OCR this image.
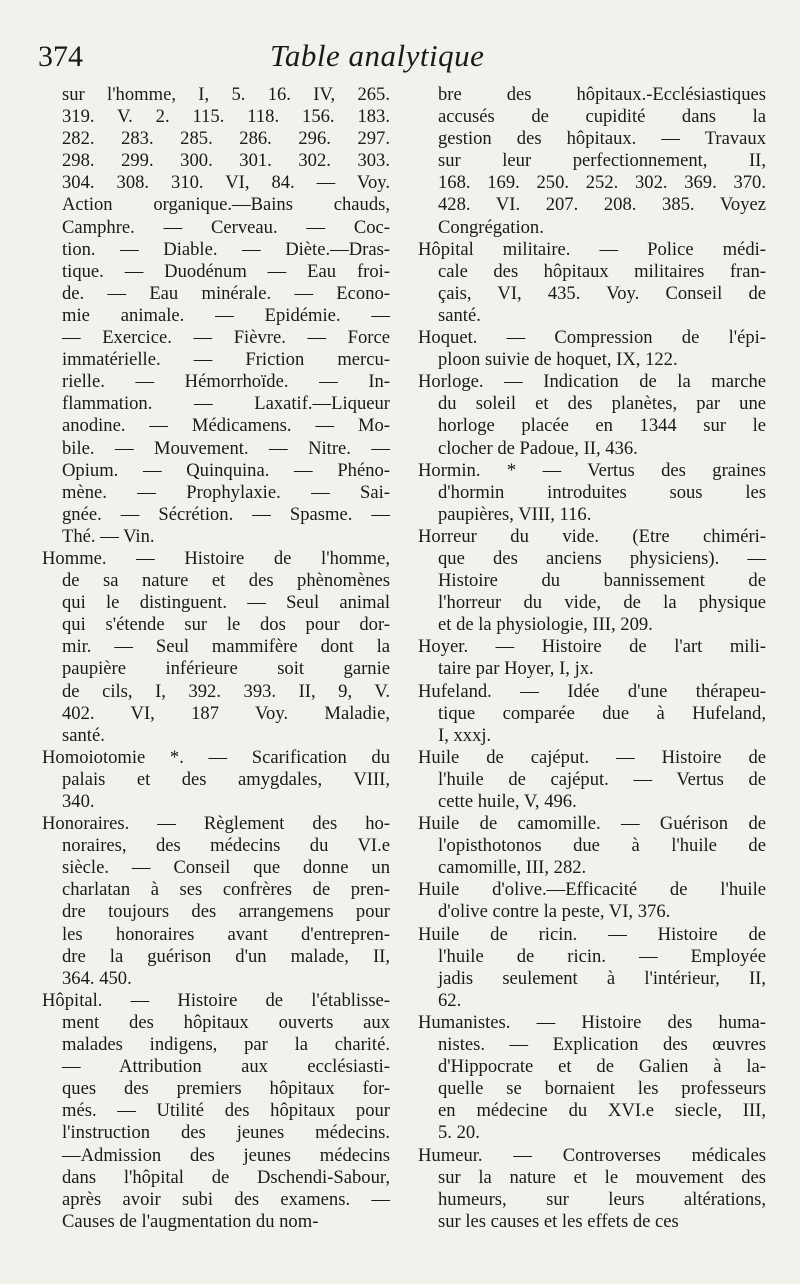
374	Table analytique
sur l'homme, I, 5. 16. IV, 265.
319. V. 2. 115. 118. 156. 183.
282. 283. 285. 286. 296. 297.
298. 299. 300. 301. 302. 303.
304. 308. 310. VI, 84. — Voy.
Action organique.—Bains chauds,
Camphre. — Cerveau. — Coc-
tion. — Diable. — Diète.—Dras-
tique. — Duodénum — Eau froi-
de. — Eau minérale. — Econo-
mie animale. — Epidémie. —
— Exercice. — Fièvre. — Force
immatérielle. — Friction mercu-
rielle. — Hémorrhoïde. — In-
flammation. — Laxatif.—Liqueur
anodine. — Médicamens. — Mo-
bile. — Mouvement. — Nitre. —
Opium. — Quinquina. — Phéno-
mène. — Prophylaxie. — Sai-
gnée. — Sécrétion. — Spasme. —
Thé. — Vin.
Homme. — Histoire de l'homme,
de sa nature et des phènomènes
qui le distinguent. — Seul animal
qui s'étende sur le dos pour dor-
mir. — Seul mammifère dont la
paupière inférieure soit garnie
de cils, I, 392. 393. II, 9, V.
402. VI, 187 Voy. Maladie,
santé.
Homoiotomie *. — Scarification du
palais et des amygdales, VIII,
340.
Honoraires. — Règlement des ho-
noraires, des médecins du VI.e
siècle. — Conseil que donne un
charlatan à ses confrères de pren-
dre toujours des arrangemens pour
les honoraires avant d'entrepren-
dre la guérison d'un malade, II,
364. 450.
Hôpital. — Histoire de l'établisse-
ment des hôpitaux ouverts aux
malades indigens, par la charité.
— Attribution aux ecclésiasti-
ques des premiers hôpitaux for-
més. — Utilité des hôpitaux pour
l'instruction des jeunes médecins.
—Admission des jeunes médecins
dans l'hôpital de Dschendi-Sabour,
après avoir subi des examens. —
Causes de l'augmentation du nom-
bre des hôpitaux.-Ecclésiastiques
accusés de cupidité dans la
gestion des hôpitaux. — Travaux
sur leur perfectionnement, II,
168. 169. 250. 252. 302. 369. 370.
428. VI. 207. 208. 385. Voyez
Congrégation.
Hôpital militaire. — Police médi-
cale des hôpitaux militaires fran-
çais, VI, 435. Voy. Conseil de
santé.
Hoquet. — Compression de l'épi-
ploon suivie de hoquet, IX, 122.
Horloge. — Indication de la marche
du soleil et des planètes, par une
horloge placée en 1344 sur le
clocher de Padoue, II, 436.
Hormin. * — Vertus des graines
d'hormin introduites sous les
paupières, VIII, 116.
Horreur du vide. (Etre chiméri-
que des anciens physiciens). —
Histoire du bannissement de
l'horreur du vide, de la physique
et de la physiologie, III, 209.
Hoyer. — Histoire de l'art mili-
taire par Hoyer, I, jx.
Hufeland. — Idée d'une thérapeu-
tique comparée due à Hufeland,
I, xxxj.
Huile de cajéput. — Histoire de
l'huile de cajéput. — Vertus de
cette huile, V, 496.
Huile de camomille. — Guérison de
l'opisthotonos due à l'huile de
camomille, III, 282.
Huile d'olive.—Efficacité de l'huile
d'olive contre la peste, VI, 376.
Huile de ricin. — Histoire de
l'huile de ricin. — Employée
jadis seulement à l'intérieur, II,
62.
Humanistes. — Histoire des huma-
nistes. — Explication des œuvres
d'Hippocrate et de Galien à la-
quelle se bornaient les professeurs
en médecine du XVI.e siecle, III,
5. 20.
Humeur. — Controverses médicales
sur la nature et le mouvement des
humeurs, sur leurs altérations,
sur les causes et les effets de ces
